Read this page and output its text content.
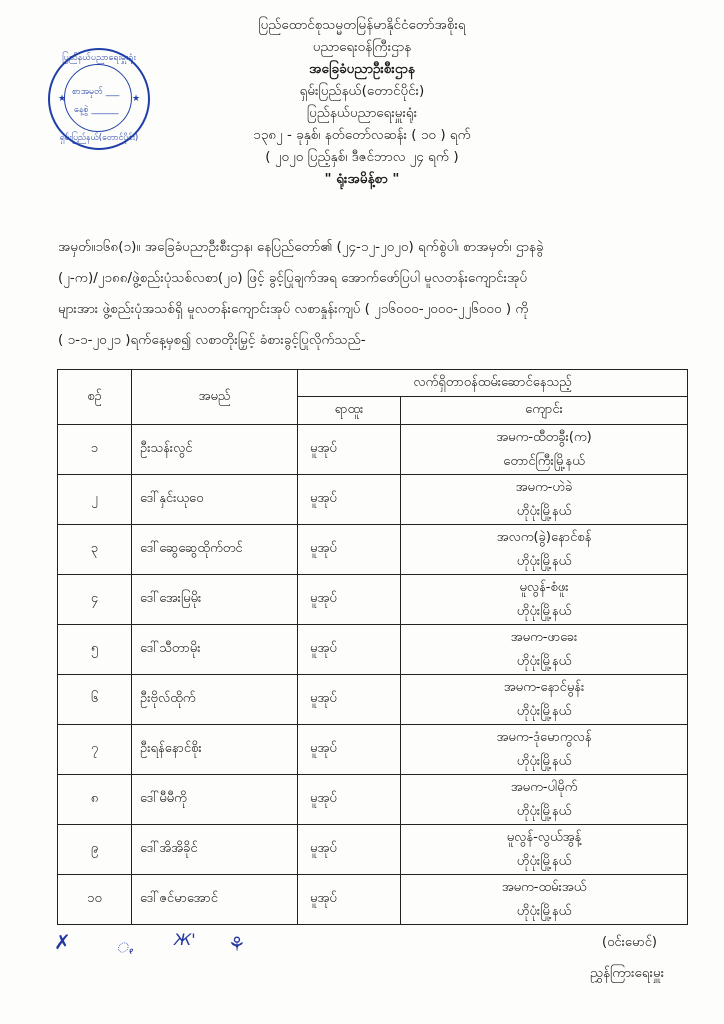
ပြည်ထောင်စုသမ္မတမြန်မာနိုင်ငံတော်အစိုးရ
ပညာရေးဝန်ကြီးဌာန
အခြေခံပညာဦးစီးဌာန
ရှမ်းပြည်နယ်(တောင်ပိုင်း)
ပြည်နယ်ပညာရေးမှူးရုံး
၁၃၈၂ - ခုနှစ်၊ နတ်တော်လဆန်း ( ၁၀ ) ရက်
( ၂၀၂၀ ပြည့်နှစ်၊ ဒီဇင်ဘာလ ၂၄ ရက် )
" ရုံးအမိန့်စာ "
ပြည်နယ်ပညာရေးမှူးရုံး
★	★
စာအမှတ် ___
နေ့စွဲ ______
ရှမ်းပြည်နယ်(တောင်ပိုင်း)
အမှတ်။၁၆၈(၁)။ အခြေခံပညာဦးစီးဌာန၊ နေပြည်တော်၏ (၂၄-၁၂-၂၀၂၀) ရက်စွဲပါ၊ စာအမှတ်၊ ဌာနခွဲ
(၂-က)/၂၁၈၈/ဖွဲ့စည်းပုံသစ်လစာ(၂၀) ဖြင့် ခွင့်ပြုချက်အရ အောက်ဖော်ပြပါ မူလတန်းကျောင်းအုပ်
များအား ဖွဲ့စည်းပုံအသစ်ရှိ မူလတန်းကျောင်းအုပ် လစာနှုန်းကျပ် ( ၂၁၆၀၀၀-၂၀၀၀-၂၂၆၀၀၀ ) ကို
( ၁-၁-၂၀၂၁ )ရက်နေ့မှစ၍ လစာတိုးမြှင့် ခံစားခွင့်ပြုလိုက်သည်-
စဉ်	အမည်	လက်ရှိတာဝန်ထမ်းဆောင်နေသည့်	
		ရာထူး	ကျောင်း
၁	ဦးသန်းလွင်	မူအုပ်	အမက-ထီတခွီး(က)
တောင်ကြီးမြို့နယ်

၂	ဒေါ်နှင်းယုဝေ	မူအုပ်	အမက-ဟဲခဲ
ဟိုပုံးမြို့နယ်

၃	ဒေါ်ဆွေဆွေထိုက်တင်	မူအုပ်	အလက(ခွဲ)နောင်စန်
ဟိုပုံးမြို့နယ်

၄	ဒေါ်အေးမြမိုး	မူအုပ်	မူလွန်-စံဖူး
ဟိုပုံးမြို့နယ်

၅	ဒေါ်သီတာမိုး	မူအုပ်	အမက-ဖာခေး
ဟိုပုံးမြို့နယ်

၆	ဦးဗိုလ်ထိုက်	မူအုပ်	အမက-နောင်မွန်း
ဟိုပုံးမြို့နယ်

၇	ဦးရန်နောင်စိုး	မူအုပ်	အမက-ဒုံမောကွလန်
ဟိုပုံးမြို့နယ်

၈	ဒေါ်မီမီကို	မူအုပ်	အမက-ပါမိုက်
ဟိုပုံးမြို့နယ်

၉	ဒေါ်အိအိခိုင်	မူအုပ်	မူလွန်-လွယ်အွန့်
ဟိုပုံးမြို့နယ်

၁၀	ဒေါ်ဇင်မာအောင်	မူအုပ်	အမက-ထမ်းအယ်
ဟိုပုံးမြို့နယ်
✗ ꩻ	Ж' ⚘	(ဝင်းမောင်)
ညွှန်ကြားရေးမှူး
